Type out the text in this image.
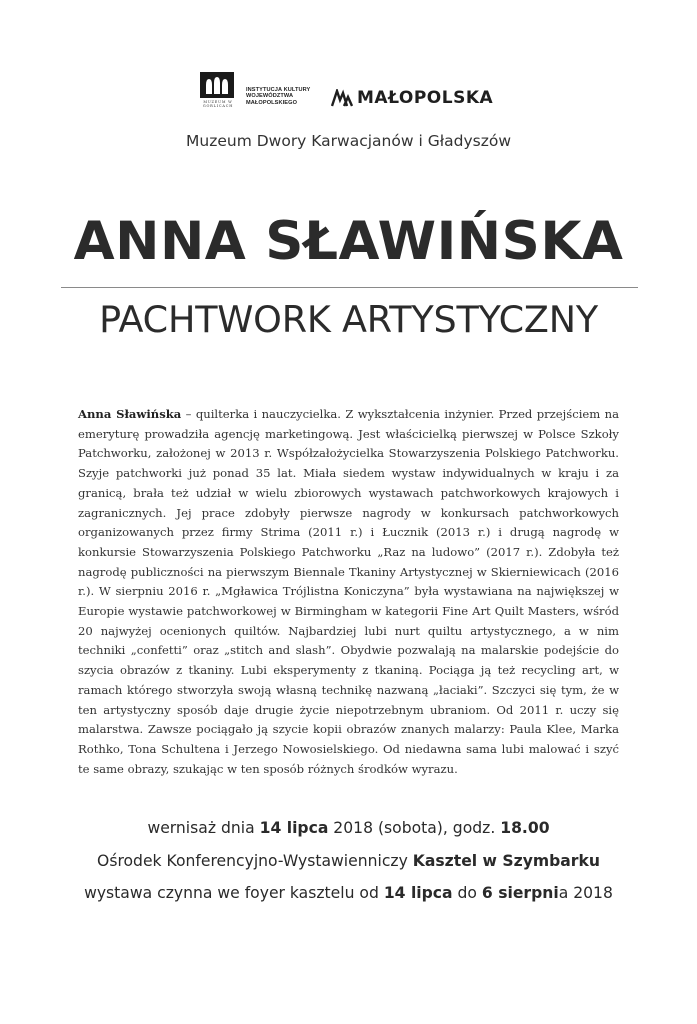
MUZEUM W GORLICACH
INSTYTUCJA KULTURY
WOJEWÓDZTWA
MAŁOPOLSKIEGO	MAŁOPOLSKA
Muzeum Dwory Karwacjanów i Gładyszów
ANNA SŁAWIŃSKA
PACHTWORK ARTYSTYCZNY
Anna Sławińska – quilterka i nauczycielka. Z wykształcenia inżynier. Przed przejściem na emeryturę prowadziła agencję marketingową. Jest właścicielką pierwszej w Polsce Szkoły Patchworku, założonej w 2013 r. Współzałożycielka Stowarzyszenia Polskiego Patchworku. Szyje patchworki już ponad 35 lat. Miała siedem wystaw indywidualnych w kraju i za granicą, brała też udział w wielu zbiorowych wystawach patchworkowych krajowych i zagranicznych. Jej prace zdobyły pierwsze nagrody w konkursach patchworkowych organizowanych przez firmy Strima (2011 r.) i Łucznik (2013 r.) i drugą nagrodę w konkursie Stowarzyszenia Polskiego Patchworku „Raz na ludowo” (2017 r.). Zdobyła też nagrodę publiczności na pierwszym Biennale Tkaniny Artystycznej w Skierniewicach (2016 r.). W sierpniu 2016 r. „Mgławica Trójlistna Koniczyna” była wystawiana na największej w Europie wystawie patchworkowej w Birmingham w kategorii Fine Art Quilt Masters, wśród 20 najwyżej ocenionych quiltów. Najbardziej lubi nurt quiltu artystycznego, a w nim techniki „confetti” oraz „stitch and slash”. Obydwie pozwalają na malarskie podejście do szycia obrazów z tkaniny. Lubi eksperymenty z tkaniną. Pociąga ją też recycling art, w ramach którego stworzyła swoją własną technikę nazwaną „łaciaki”. Szczyci się tym, że w ten artystyczny sposób daje drugie życie niepotrzebnym ubraniom. Od 2011 r. uczy się malarstwa. Zawsze pociągało ją szycie kopii obrazów znanych malarzy: Paula Klee, Marka Rothko, Tona Schultena i Jerzego Nowosielskiego. Od niedawna sama lubi malować i szyć te same obrazy, szukając w ten sposób różnych środków wyrazu.
wernisaż dnia 14 lipca 2018 (sobota), godz. 18.00
Ośrodek Konferencyjno-Wystawienniczy Kasztel w Szymbarku
wystawa czynna we foyer kasztelu od 14 lipca do 6 sierpnia 2018
